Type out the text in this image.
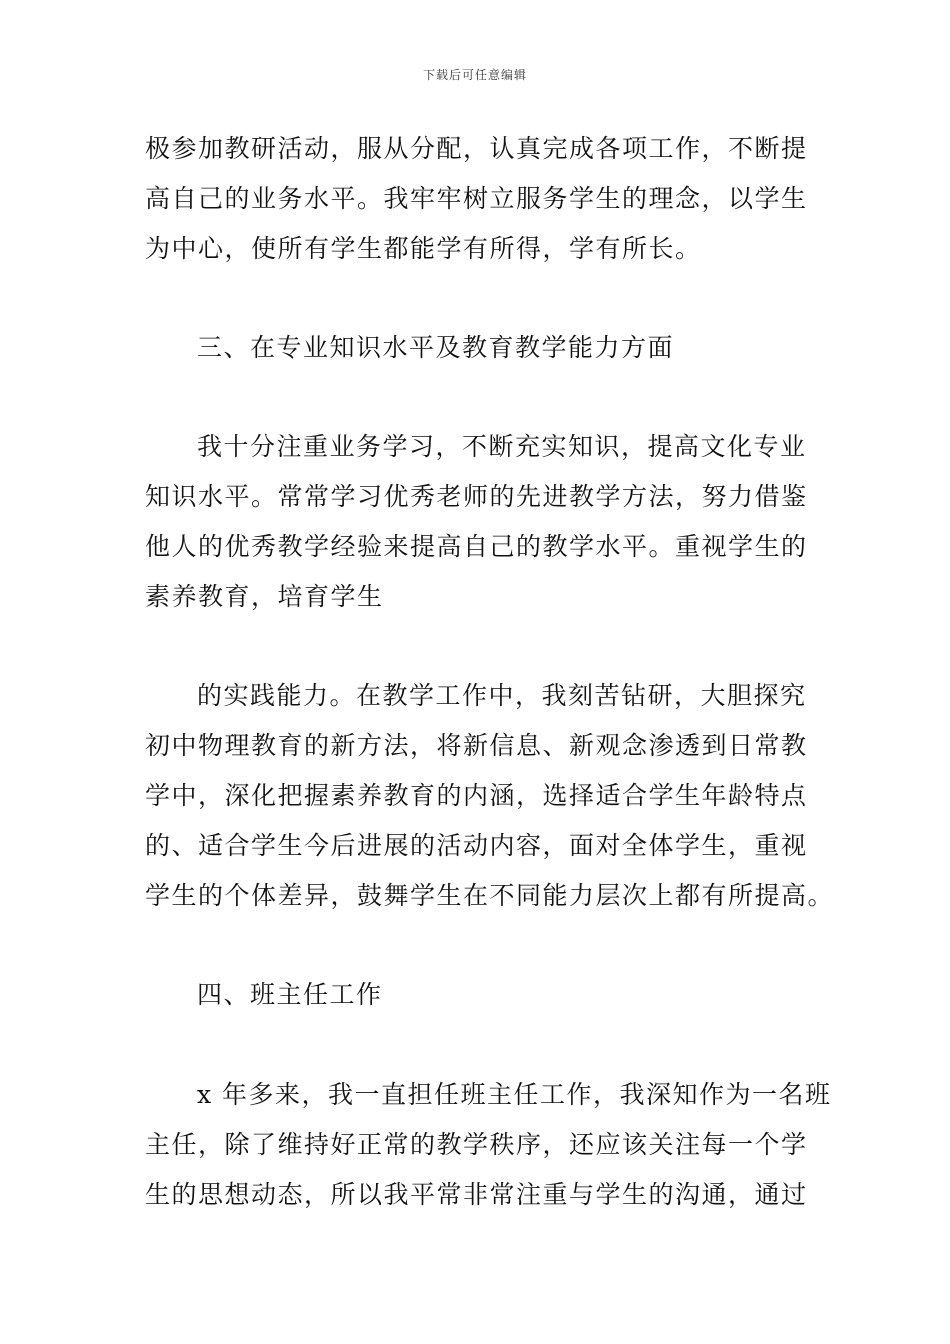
下载后可任意编辑
极参加教研活动，服从分配，认真完成各项工作，不断提
高自己的业务水平。我牢牢树立服务学生的理念，以学生
为中心，使所有学生都能学有所得，学有所长。
三、在专业知识水平及教育教学能力方面
我十分注重业务学习，不断充实知识，提高文化专业
知识水平。常常学习优秀老师的先进教学方法，努力借鉴
他人的优秀教学经验来提高自己的教学水平。重视学生的
素养教育，培育学生
的实践能力。在教学工作中，我刻苦钻研，大胆探究
初中物理教育的新方法，将新信息、新观念渗透到日常教
学中，深化把握素养教育的内涵，选择适合学生年龄特点
的、适合学生今后进展的活动内容，面对全体学生，重视
学生的个体差异，鼓舞学生在不同能力层次上都有所提高。
四、班主任工作
x 年多来，我一直担任班主任工作，我深知作为一名班
主任，除了维持好正常的教学秩序，还应该关注每一个学
生的思想动态，所以我平常非常注重与学生的沟通，通过
